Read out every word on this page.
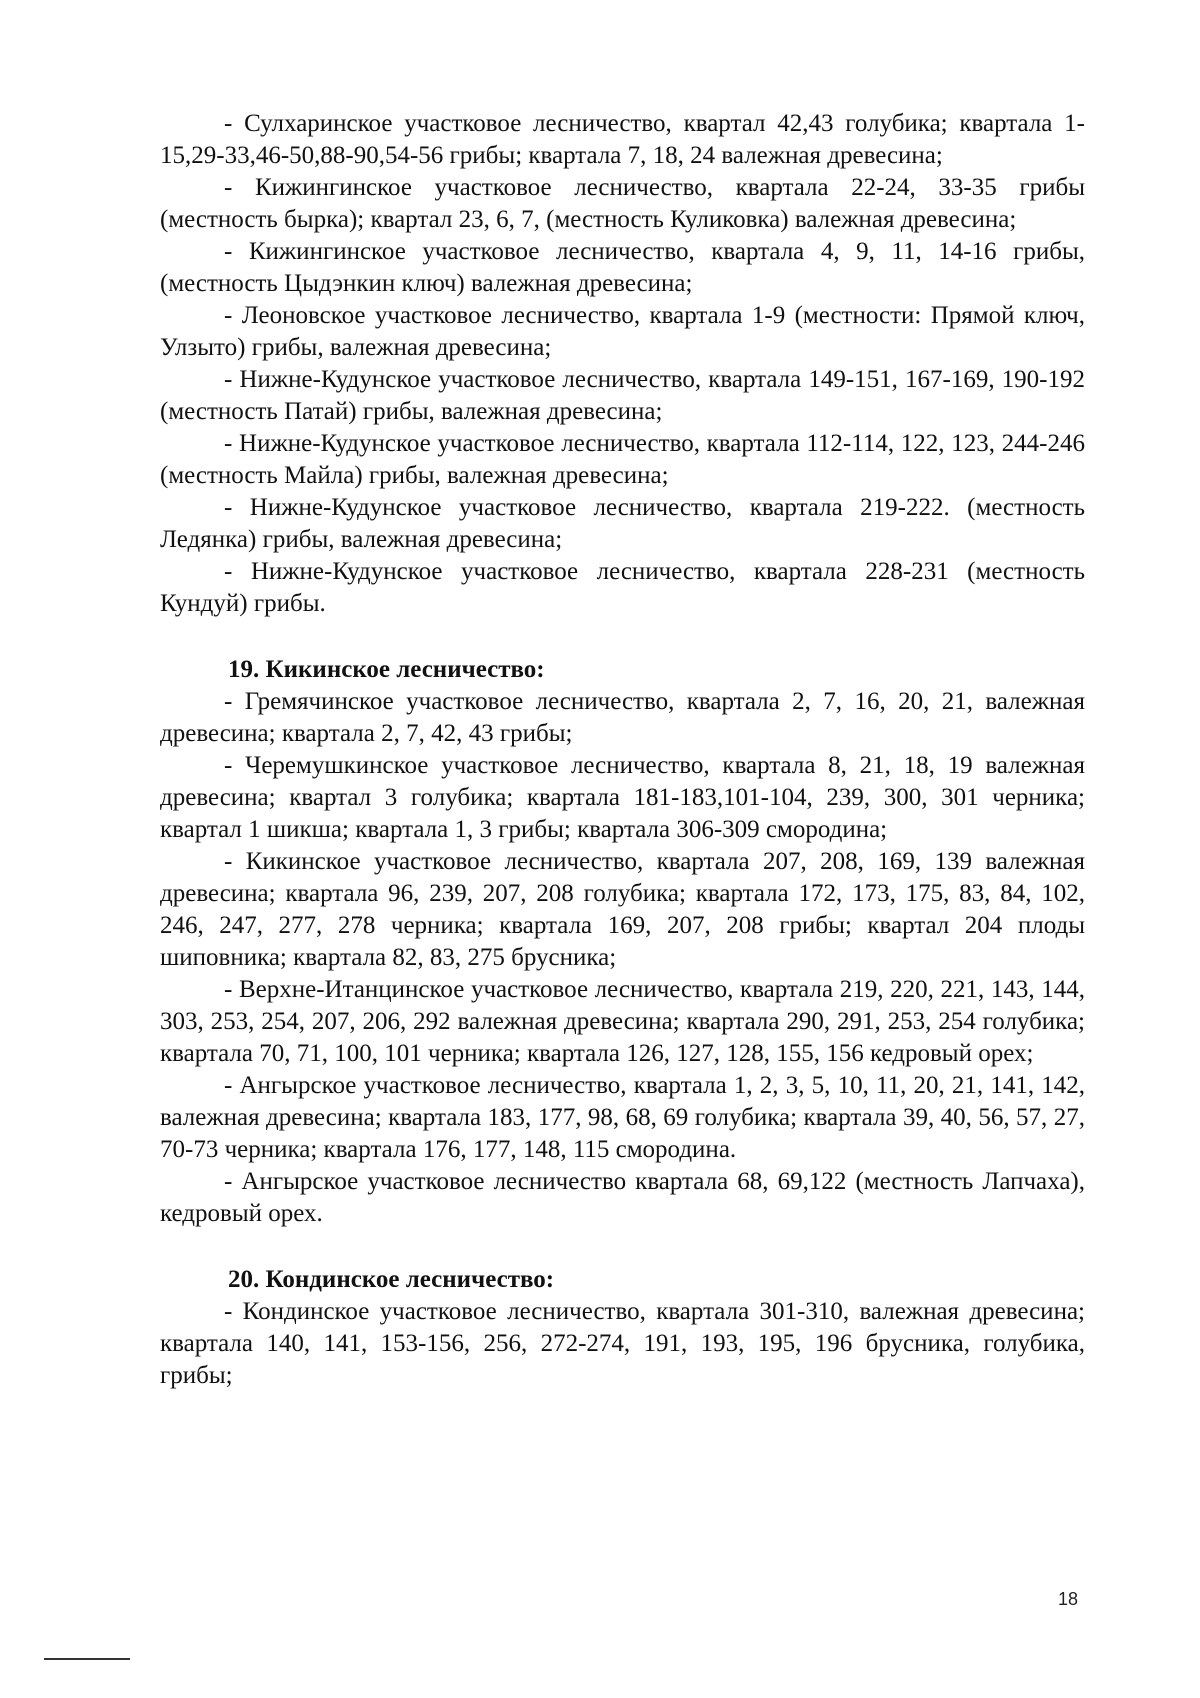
- Сулхаринское участковое лесничество, квартал 42,43 голубика; квартала 1-15,29-33,46-50,88-90,54-56 грибы; квартала 7, 18, 24 валежная древесина;

- Кижингинское участковое лесничество, квартала 22-24, 33-35 грибы (местность бырка); квартал 23, 6, 7, (местность Куликовка) валежная древесина;

- Кижингинское участковое лесничество, квартала 4, 9, 11, 14-16 грибы, (местность Цыдэнкин ключ) валежная древесина;

- Леоновское участковое лесничество, квартала 1-9 (местности: Прямой ключ, Улзыто) грибы, валежная древесина;

- Нижне-Кудунское участковое лесничество, квартала 149-151, 167-169, 190-192 (местность Патай) грибы, валежная древесина;

- Нижне-Кудунское участковое лесничество, квартала 112-114, 122, 123, 244-246 (местность Майла) грибы, валежная древесина;

- Нижне-Кудунское участковое лесничество, квартала 219-222. (местность Ледянка) грибы, валежная древесина;

- Нижне-Кудунское участковое лесничество, квартала 228-231 (местность Кундуй) грибы.

19. Кикинское лесничество:

- Гремячинское участковое лесничество, квартала 2, 7, 16, 20, 21, валежная древесина; квартала 2, 7, 42, 43 грибы;

- Черемушкинское участковое лесничество, квартала 8, 21, 18, 19 валежная древесина; квартал 3 голубика; квартала 181-183,101-104, 239, 300, 301 черника; квартал 1 шикша; квартала 1, 3 грибы; квартала 306-309 смородина;

- Кикинское участковое лесничество, квартала 207, 208, 169, 139 валежная древесина; квартала 96, 239, 207, 208 голубика; квартала 172, 173, 175, 83, 84, 102, 246, 247, 277, 278 черника; квартала 169, 207, 208 грибы; квартал 204 плоды шиповника; квартала 82, 83, 275 брусника;

- Верхне-Итанцинское участковое лесничество, квартала 219, 220, 221, 143, 144, 303, 253, 254, 207, 206, 292 валежная древесина; квартала 290, 291, 253, 254 голубика; квартала 70, 71, 100, 101 черника; квартала 126, 127, 128, 155, 156 кедровый орех;

- Ангырское участковое лесничество, квартала 1, 2, 3, 5, 10, 11, 20, 21, 141, 142, валежная древесина; квартала 183, 177, 98, 68, 69 голубика; квартала 39, 40, 56, 57, 27, 70-73 черника; квартала 176, 177, 148, 115 смородина.

- Ангырское участковое лесничество квартала 68, 69,122 (местность Лапчаха), кедровый орех.

20. Кондинское лесничество:

- Кондинское участковое лесничество, квартала 301-310, валежная древесина; квартала 140, 141, 153-156, 256, 272-274, 191, 193, 195, 196 брусника, голубика, грибы;

18
